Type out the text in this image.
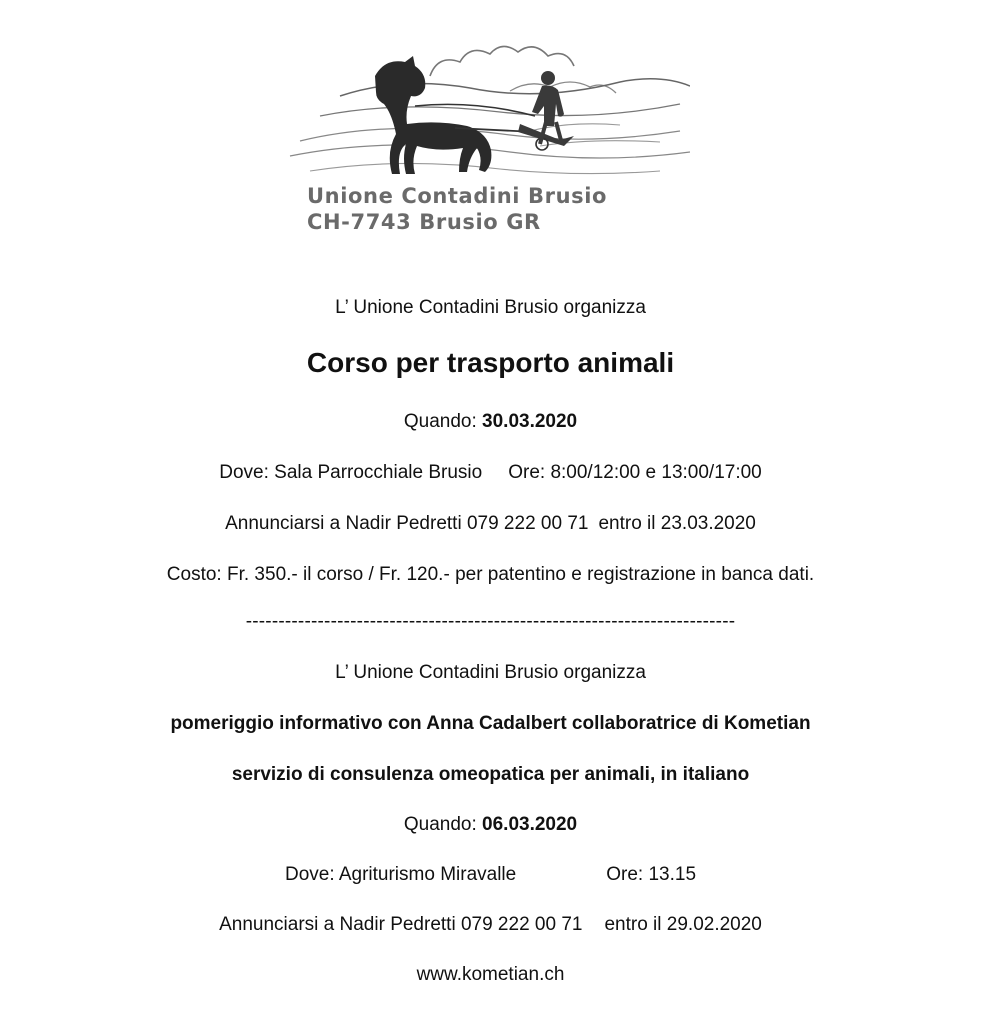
Unione Contadini Brusio
CH-7743 Brusio GR
L’ Unione Contadini Brusio organizza
Corso per trasporto animali
Quando: 30.03.2020
Dove: Sala Parrocchiale Brusio Ore: 8:00/12:00 e 13:00/17:00
Annunciarsi a Nadir Pedretti 079 222 00 71 entro il 23.03.2020
Costo: Fr. 350.- il corso / Fr. 120.- per patentino e registrazione in banca dati.
---------------------------------------------------------------------------
L’ Unione Contadini Brusio organizza
pomeriggio informativo con Anna Cadalbert collaboratrice di Kometian
servizio di consulenza omeopatica per animali, in italiano
Quando: 06.03.2020
Dove: Agriturismo Miravalle	Ore: 13.15
Annunciarsi a Nadir Pedretti 079 222 00 71 entro il 29.02.2020
www.kometian.ch
